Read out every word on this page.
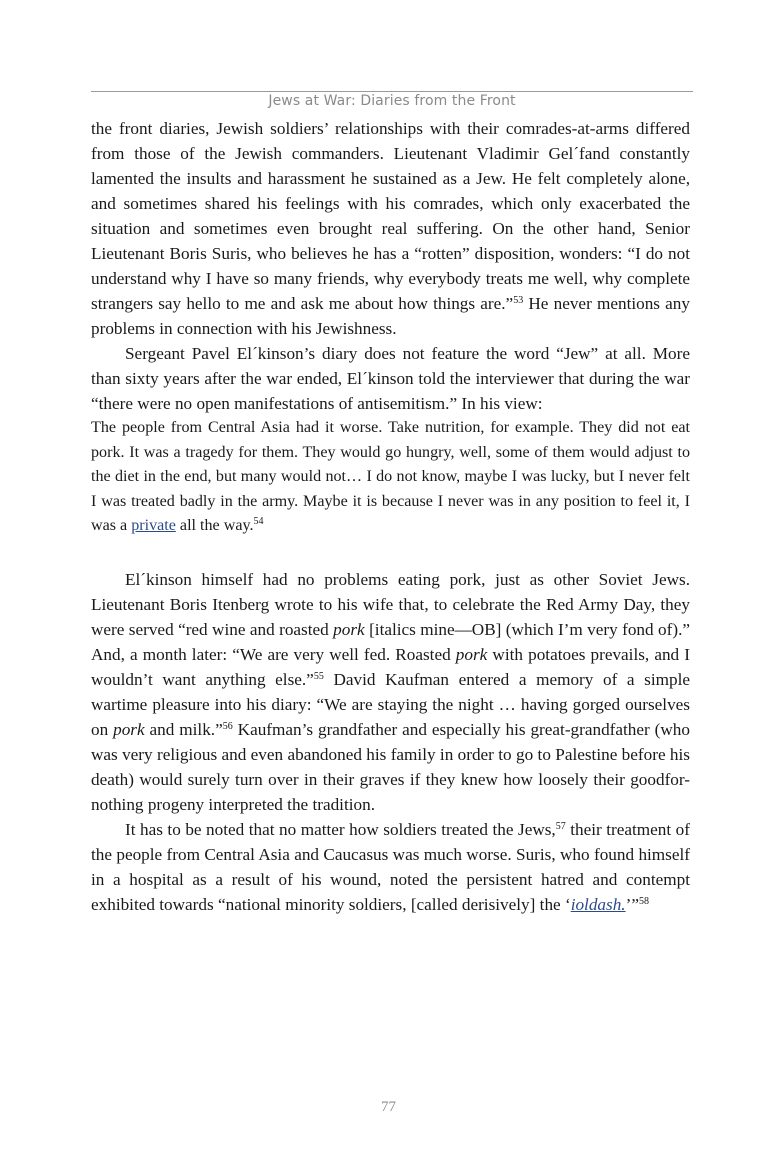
Jews at War: Diaries from the Front

the front diaries, Jewish soldiers’ relationships with their comrades-at-arms differed from those of the Jewish commanders. Lieutenant Vladimir Gel´fand constantly lamented the insults and harassment he sustained as a Jew. He felt completely alone, and sometimes shared his feelings with his comrades, which only exacerbated the situation and sometimes even brought real suffering. On the other hand, Senior Lieutenant Boris Suris, who believes he has a “rotten” disposition, wonders: “I do not understand why I have so many friends, why everybody treats me well, why complete strangers say hello to me and ask me about how things are.”$^{53}$ He never mentions any problems in connection with his Jewishness.

Sergeant Pavel El´kinson’s diary does not feature the word “Jew” at all. More than sixty years after the war ended, El´kinson told the interviewer that during the war “there were no open manifestations of antisemitism.” In his view:

The people from Central Asia had it worse. Take nutrition, for example. They did not eat pork. It was a tragedy for them. They would go hungry, well, some of them would adjust to the diet in the end, but many would not… I do not know, maybe I was lucky, but I never felt I was treated badly in the army. Maybe it is because I never was in any position to feel it, I was a private all the way.$^{54}$

El´kinson himself had no problems eating pork, just as other Soviet Jews. Lieutenant Boris Itenberg wrote to his wife that, to celebrate the Red Army Day, they were served “red wine and roasted pork [italics mine—OB] (which I’m very fond of).” And, a month later: “We are very well fed. Roasted pork with potatoes prevails, and I wouldn’t want anything else.”$^{55}$ David Kaufman entered a memory of a simple wartime pleasure into his diary: “We are staying the night … having gorged ourselves on pork and milk.”$^{56}$ Kaufman’s grandfather and especially his great-grandfather (who was very religious and even abandoned his family in order to go to Palestine before his death) would surely turn over in their graves if they knew how loosely their goodfor-nothing progeny interpreted the tradition.

It has to be noted that no matter how soldiers treated the Jews,$^{57}$ their treatment of the people from Central Asia and Caucasus was much worse. Suris, who found himself in a hospital as a result of his wound, noted the persistent hatred and contempt exhibited towards “national minority soldiers, [called derisively] the ‘ioldash.’”$^{58}$

77
